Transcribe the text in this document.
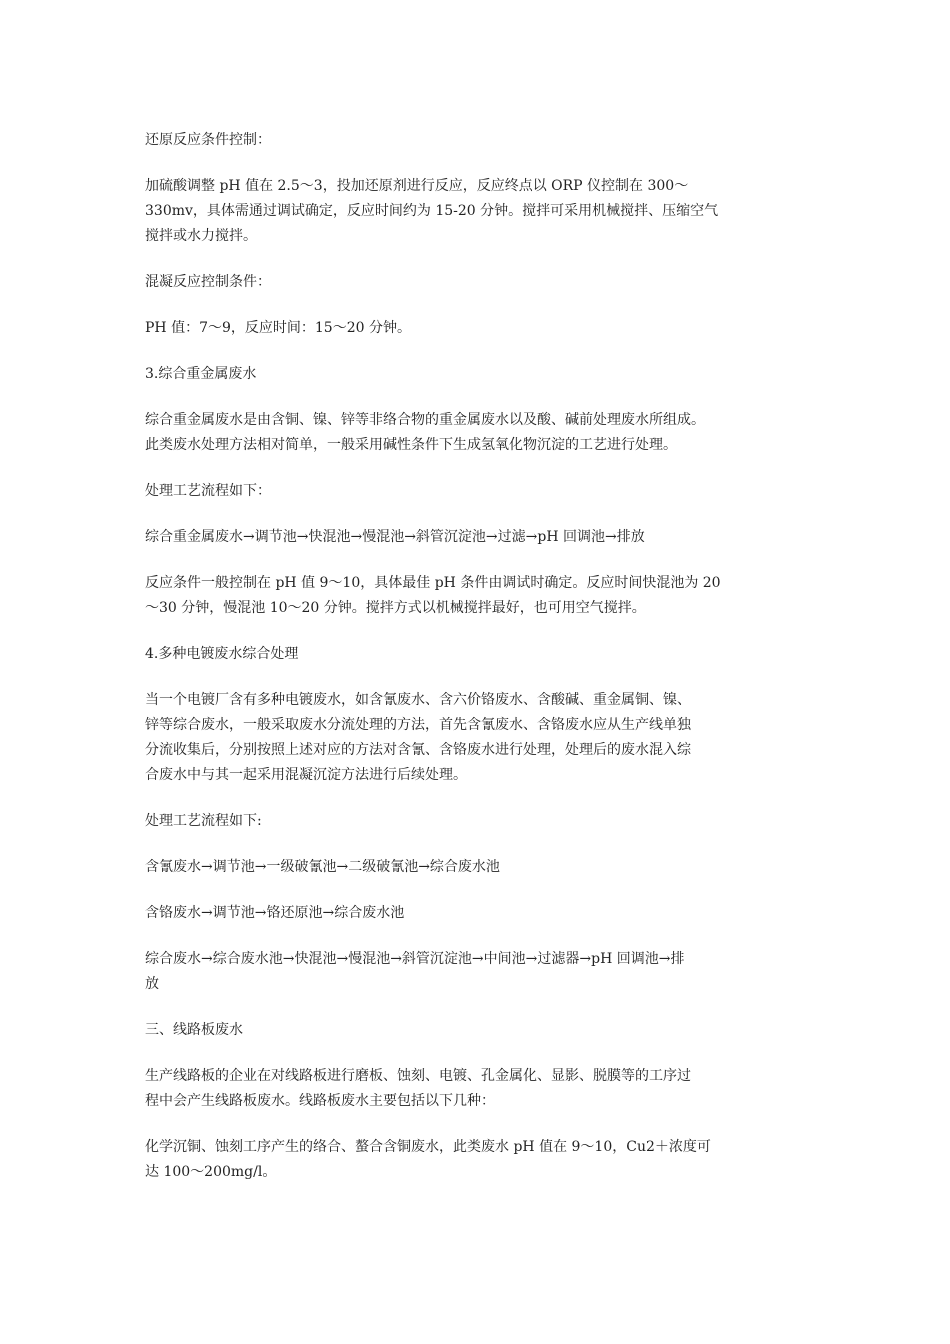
还原反应条件控制：

加硫酸调整 pH 值在 2.5～3，投加还原剂进行反应，反应终点以 ORP 仪控制在 300～
330mv，具体需通过调试确定，反应时间约为 15-20 分钟。搅拌可采用机械搅拌、压缩空气
搅拌或水力搅拌。

混凝反应控制条件：

PH 值：7～9，反应时间：15～20 分钟。

3.综合重金属废水

综合重金属废水是由含铜、镍、锌等非络合物的重金属废水以及酸、碱前处理废水所组成。
此类废水处理方法相对简单，一般采用碱性条件下生成氢氧化物沉淀的工艺进行处理。

处理工艺流程如下：

综合重金属废水→调节池→快混池→慢混池→斜管沉淀池→过滤→pH 回调池→排放

反应条件一般控制在 pH 值 9～10，具体最佳 pH 条件由调试时确定。反应时间快混池为 20
～30 分钟，慢混池 10～20 分钟。搅拌方式以机械搅拌最好，也可用空气搅拌。

4.多种电镀废水综合处理

当一个电镀厂含有多种电镀废水，如含氰废水、含六价铬废水、含酸碱、重金属铜、镍、
锌等综合废水，一般采取废水分流处理的方法，首先含氰废水、含铬废水应从生产线单独
分流收集后，分别按照上述对应的方法对含氰、含铬废水进行处理，处理后的废水混入综
合废水中与其一起采用混凝沉淀方法进行后续处理。

处理工艺流程如下:

含氰废水→调节池→一级破氰池→二级破氰池→综合废水池

含铬废水→调节池→铬还原池→综合废水池

综合废水→综合废水池→快混池→慢混池→斜管沉淀池→中间池→过滤器→pH 回调池→排
放

三、线路板废水

生产线路板的企业在对线路板进行磨板、蚀刻、电镀、孔金属化、显影、脱膜等的工序过
程中会产生线路板废水。线路板废水主要包括以下几种：

化学沉铜、蚀刻工序产生的络合、螯合含铜废水，此类废水 pH 值在 9～10，Cu2＋浓度可
达 100～200mg/l。
